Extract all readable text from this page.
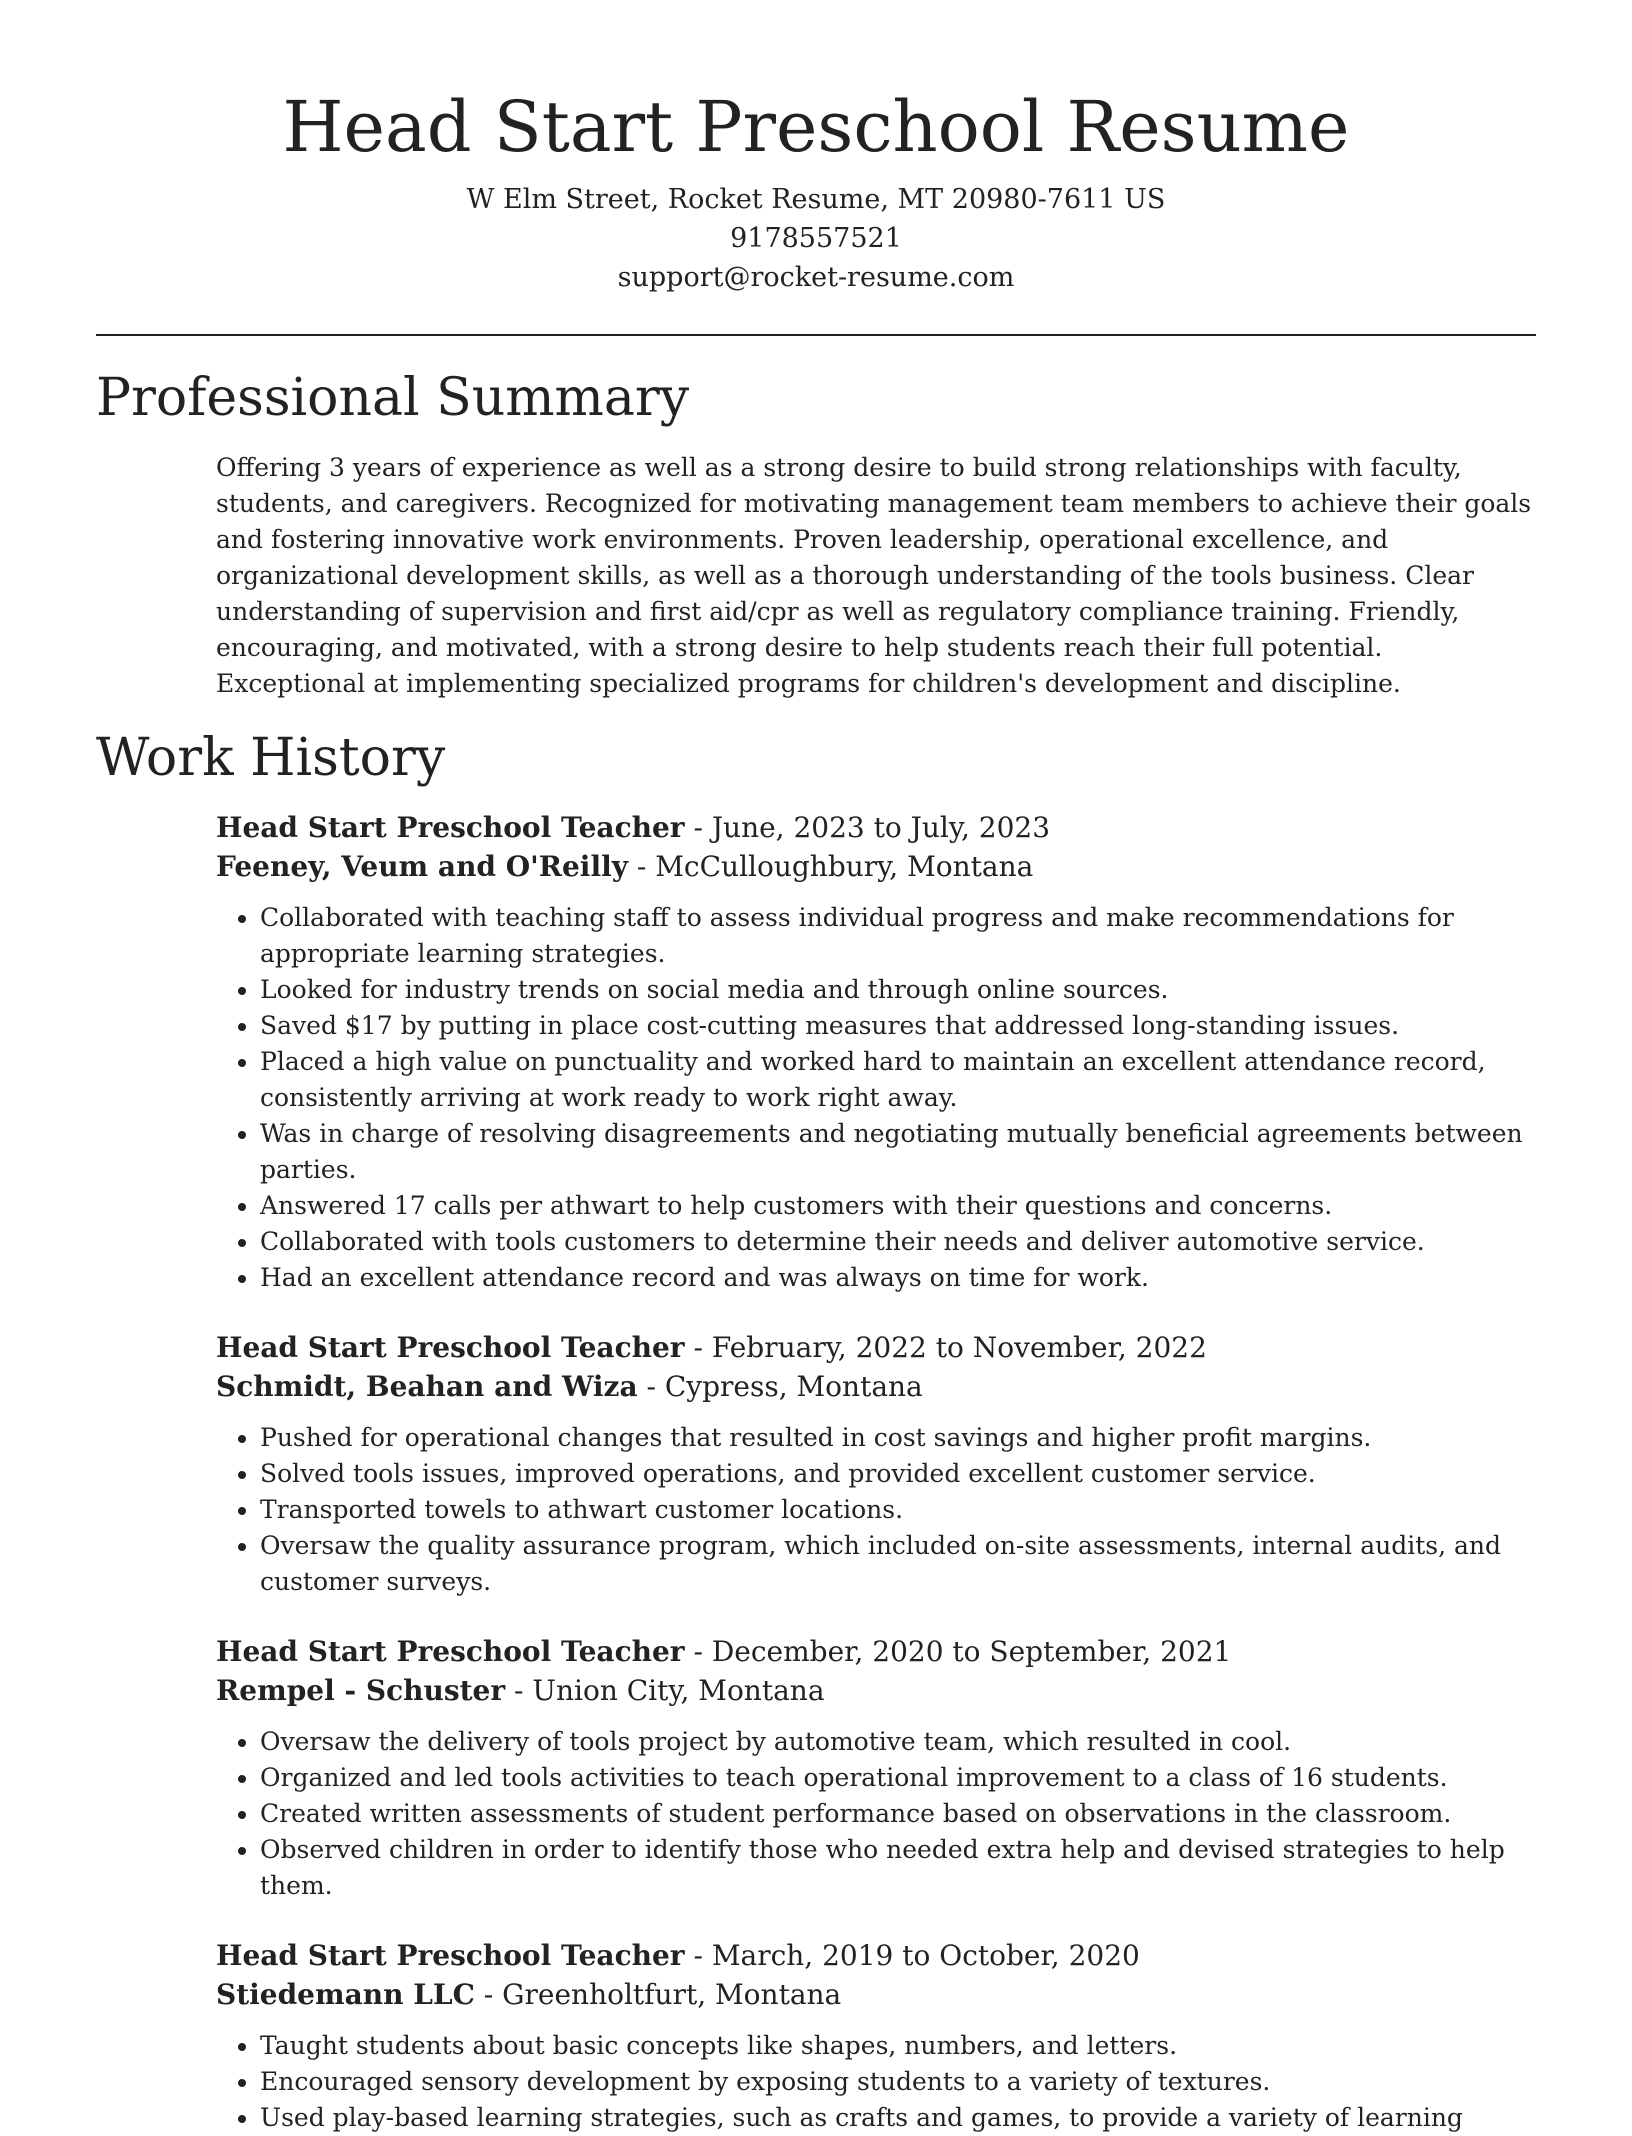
Head Start Preschool Resume
W Elm Street, Rocket Resume, MT 20980-7611 US
9178557521
support@rocket-resume.com
Professional Summary
Offering 3 years of experience as well as a strong desire to build strong relationships with faculty, students, and caregivers. Recognized for motivating management team members to achieve their goals and fostering innovative work environments. Proven leadership, operational excellence, and organizational development skills, as well as a thorough understanding of the tools business. Clear understanding of supervision and first aid/cpr as well as regulatory compliance training. Friendly, encouraging, and motivated, with a strong desire to help students reach their full potential. Exceptional at implementing specialized programs for children's development and discipline.
Work History
Head Start Preschool Teacher - June, 2023 to July, 2023
Feeney, Veum and O'Reilly - McCulloughbury, Montana
• Collaborated with teaching staff to assess individual progress and make recommendations for appropriate learning strategies.
• Looked for industry trends on social media and through online sources.
• Saved $17 by putting in place cost-cutting measures that addressed long-standing issues.
• Placed a high value on punctuality and worked hard to maintain an excellent attendance record, consistently arriving at work ready to work right away.
• Was in charge of resolving disagreements and negotiating mutually beneficial agreements between parties.
• Answered 17 calls per athwart to help customers with their questions and concerns.
• Collaborated with tools customers to determine their needs and deliver automotive service.
• Had an excellent attendance record and was always on time for work.
Head Start Preschool Teacher - February, 2022 to November, 2022
Schmidt, Beahan and Wiza - Cypress, Montana
• Pushed for operational changes that resulted in cost savings and higher profit margins.
• Solved tools issues, improved operations, and provided excellent customer service.
• Transported towels to athwart customer locations.
• Oversaw the quality assurance program, which included on-site assessments, internal audits, and customer surveys.
Head Start Preschool Teacher - December, 2020 to September, 2021
Rempel - Schuster - Union City, Montana
• Oversaw the delivery of tools project by automotive team, which resulted in cool.
• Organized and led tools activities to teach operational improvement to a class of 16 students.
• Created written assessments of student performance based on observations in the classroom.
• Observed children in order to identify those who needed extra help and devised strategies to help them.
Head Start Preschool Teacher - March, 2019 to October, 2020
Stiedemann LLC - Greenholtfurt, Montana
• Taught students about basic concepts like shapes, numbers, and letters.
• Encouraged sensory development by exposing students to a variety of textures.
• Used play-based learning strategies, such as crafts and games, to provide a variety of learning
